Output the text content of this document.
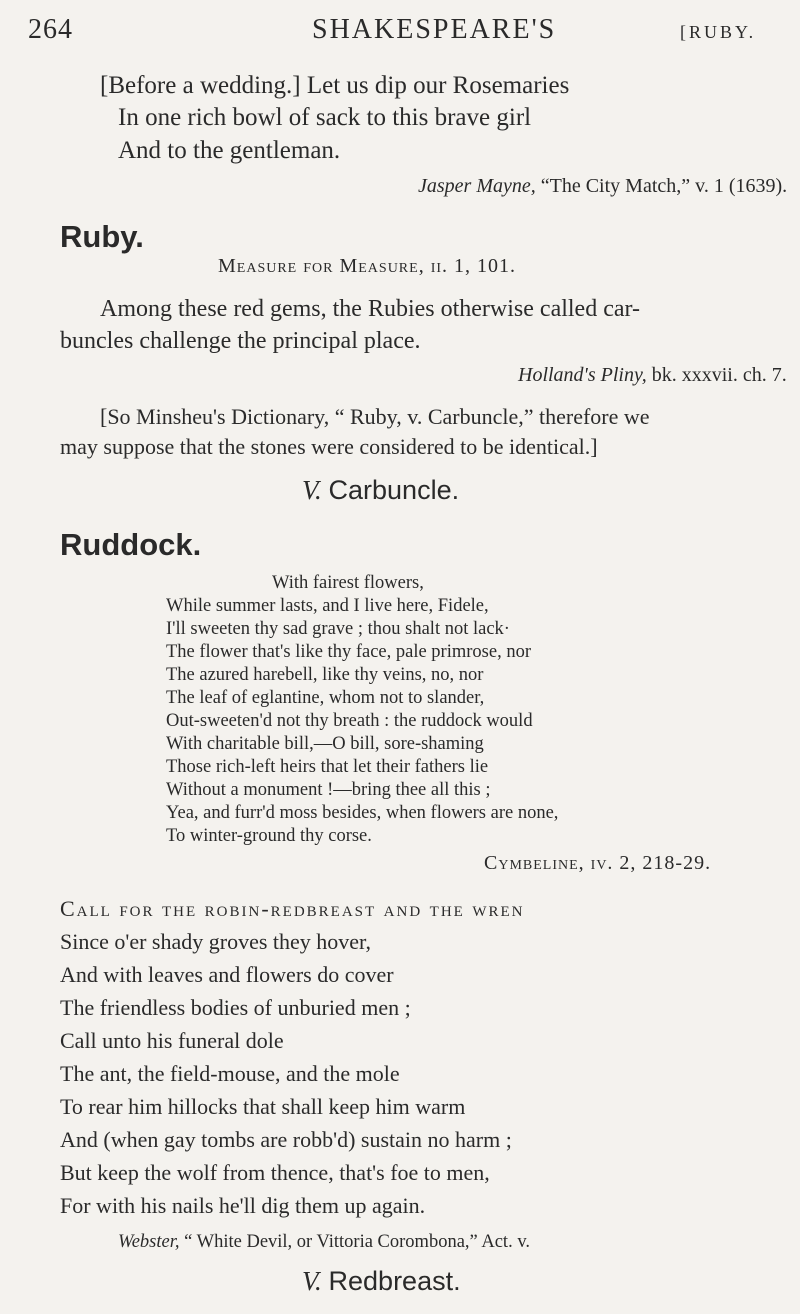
264	SHAKESPEARE'S	[RUBY.
[Before a wedding.] Let us dip our Rosemaries
In one rich bowl of sack to this brave girl
And to the gentleman.
Jasper Mayne, “The City Match,” v. 1 (1639).
Ruby.
Measure for Measure, ii. 1, 101.
Among these red gems, the Rubies otherwise called car-
buncles challenge the principal place.
Holland's Pliny, bk. xxxvii. ch. 7.
[So Minsheu's Dictionary, “ Ruby, v. Carbuncle,” therefore we
may suppose that the stones were considered to be identical.]
V. Carbuncle.
Ruddock.
With fairest flowers,
While summer lasts, and I live here, Fidele,
I'll sweeten thy sad grave ; thou shalt not lack·
The flower that's like thy face, pale primrose, nor
The azured harebell, like thy veins, no, nor
The leaf of eglantine, whom not to slander,
Out-sweeten'd not thy breath : the ruddock would
With charitable bill,—O bill, sore-shaming
Those rich-left heirs that let their fathers lie
Without a monument !—bring thee all this ;
Yea, and furr'd moss besides, when flowers are none,
To winter-ground thy corse.
Cymbeline, iv. 2, 218-29.
Call for the robin-redbreast and the wren
Since o'er shady groves they hover,
And with leaves and flowers do cover
The friendless bodies of unburied men ;
Call unto his funeral dole
The ant, the field-mouse, and the mole
To rear him hillocks that shall keep him warm
And (when gay tombs are robb'd) sustain no harm ;
But keep the wolf from thence, that's foe to men,
For with his nails he'll dig them up again.
Webster, “ White Devil, or Vittoria Corombona,” Act. v.
V. Redbreast.
